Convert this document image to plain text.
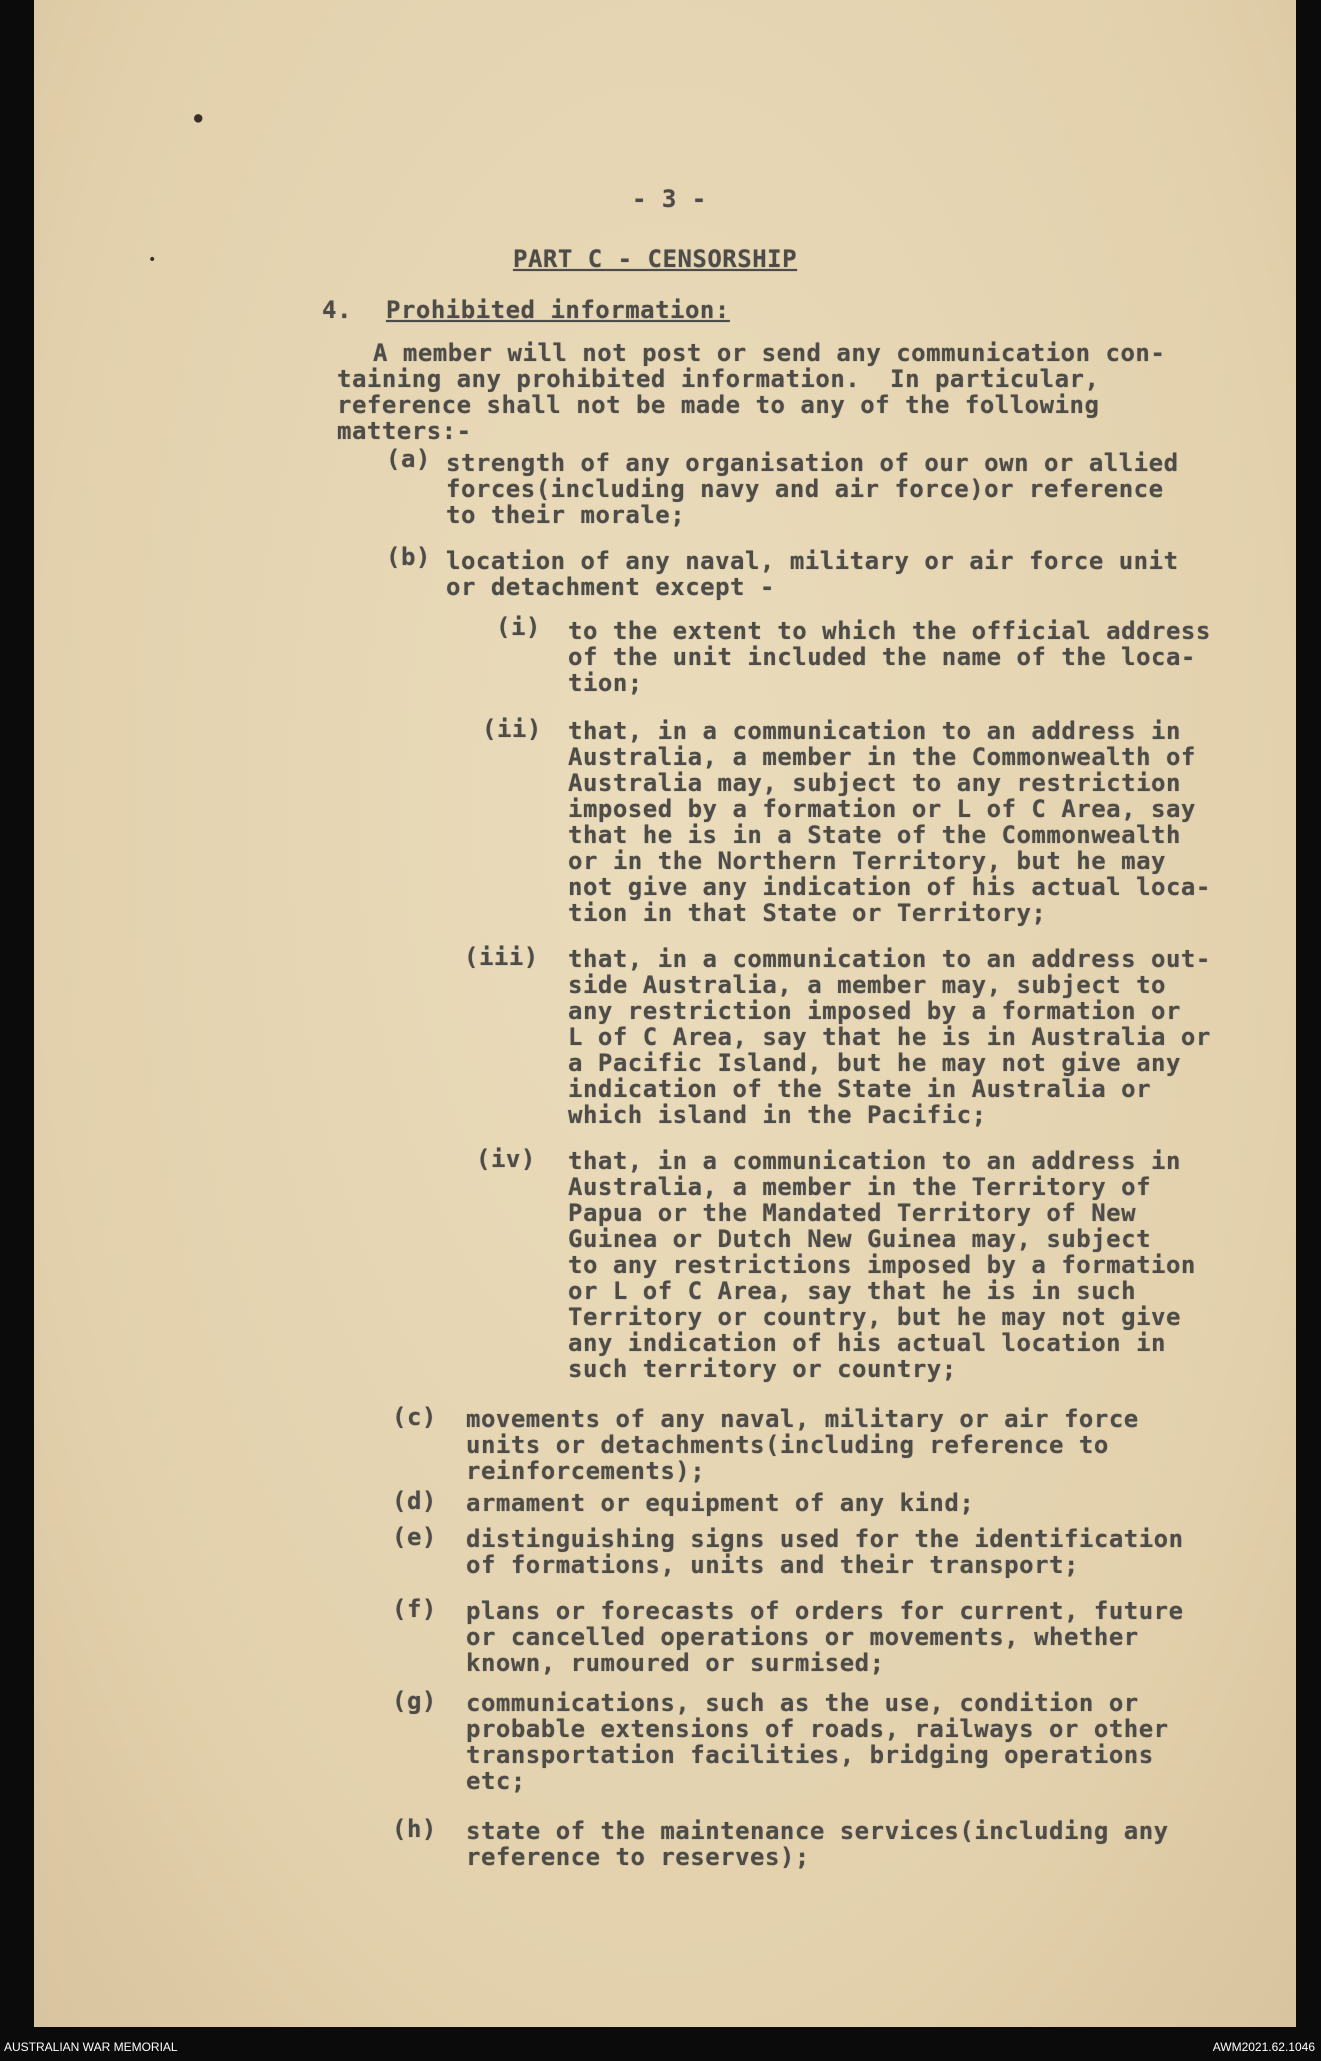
●
•
- 3 -
PART C - CENSORSHIP
4. Prohibited information:
A member will not post or send any communication con-
taining any prohibited information.  In particular,
reference shall not be made to any of the following
matters:-
(a) strength of any organisation of our own or allied
forces(including navy and air force)or reference
to their morale;
(b) location of any naval, military or air force unit
or detachment except -
(i) to the extent to which the official address
of the unit included the name of the loca-
tion;
(ii) that, in a communication to an address in
Australia, a member in the Commonwealth of
Australia may, subject to any restriction
imposed by a formation or L of C Area, say
that he is in a State of the Commonwealth
or in the Northern Territory, but he may
not give any indication of his actual loca-
tion in that State or Territory;
(iii) that, in a communication to an address out-
side Australia, a member may, subject to
any restriction imposed by a formation or
L of C Area, say that he is in Australia or
a Pacific Island, but he may not give any
indication of the State in Australia or
which island in the Pacific;
(iv) that, in a communication to an address in
Australia, a member in the Territory of
Papua or the Mandated Territory of New
Guinea or Dutch New Guinea may, subject
to any restrictions imposed by a formation
or L of C Area, say that he is in such
Territory or country, but he may not give
any indication of his actual location in
such territory or country;
(c) movements of any naval, military or air force
units or detachments(including reference to
reinforcements);
(d) armament or equipment of any kind;
(e) distinguishing signs used for the identification
of formations, units and their transport;
(f) plans or forecasts of orders for current, future
or cancelled operations or movements, whether
known, rumoured or surmised;
(g) communications, such as the use, condition or
probable extensions of roads, railways or other
transportation facilities, bridging operations
etc;
(h) state of the maintenance services(including any
reference to reserves);
AUSTRALIAN WAR MEMORIAL	AWM2021.62.1046
